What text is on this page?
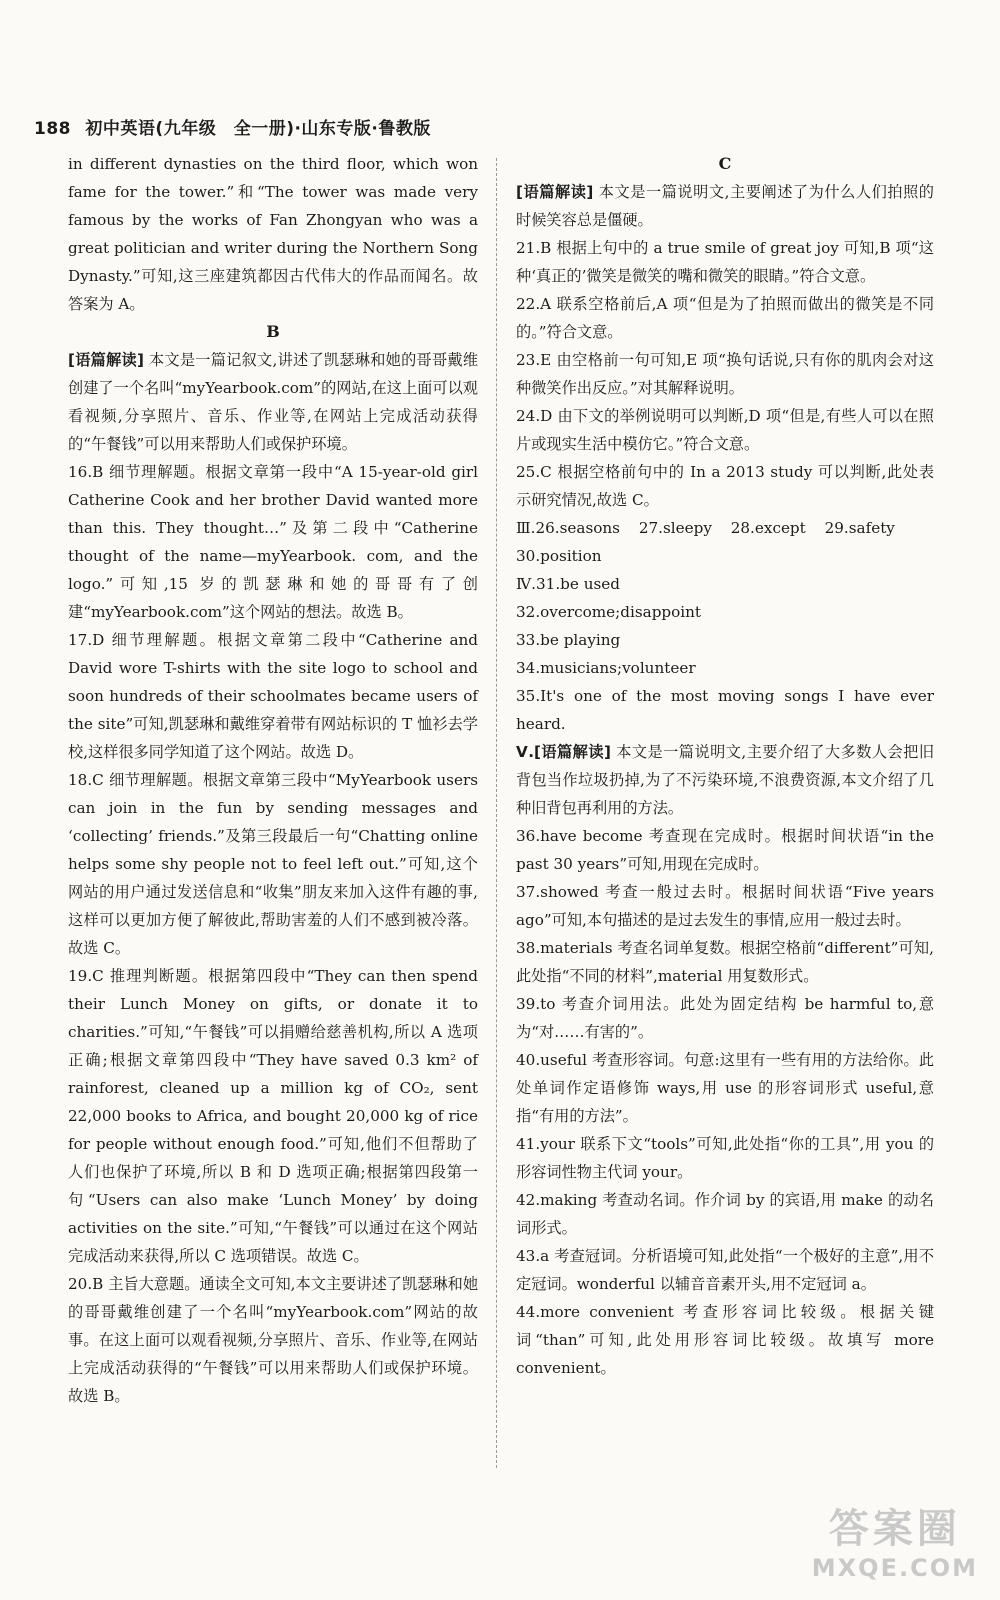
188 初中英语(九年级　全一册)·山东专版·鲁教版

in different dynasties on the third floor, which won fame for the tower.”和“The tower was made very famous by the works of Fan Zhongyan who was a great politician and writer during the Northern Song Dynasty.”可知,这三座建筑都因古代伟大的作品而闻名。故答案为 A。

B

[语篇解读] 本文是一篇记叙文,讲述了凯瑟琳和她的哥哥戴维创建了一个名叫“myYearbook.com”的网站,在这上面可以观看视频,分享照片、音乐、作业等,在网站上完成活动获得的“午餐钱”可以用来帮助人们或保护环境。

16.B 细节理解题。根据文章第一段中“A 15-year-old girl Catherine Cook and her brother David wanted more than this. They thought…”及第二段中“Catherine thought of the name—myYearbook. com, and the logo.”可知,15 岁的凯瑟琳和她的哥哥有了创建“myYearbook.com”这个网站的想法。故选 B。

17.D 细节理解题。根据文章第二段中“Catherine and David wore T-shirts with the site logo to school and soon hundreds of their schoolmates became users of the site”可知,凯瑟琳和戴维穿着带有网站标识的 T 恤衫去学校,这样很多同学知道了这个网站。故选 D。

18.C 细节理解题。根据文章第三段中“MyYearbook users can join in the fun by sending messages and ‘collecting’ friends.”及第三段最后一句“Chatting online helps some shy people not to feel left out.”可知,这个网站的用户通过发送信息和“收集”朋友来加入这件有趣的事,这样可以更加方便了解彼此,帮助害羞的人们不感到被冷落。故选 C。

19.C 推理判断题。根据第四段中“They can then spend their Lunch Money on gifts, or donate it to charities.”可知,“午餐钱”可以捐赠给慈善机构,所以 A 选项正确;根据文章第四段中“They have saved 0.3 km² of rainforest, cleaned up a million kg of CO₂, sent 22,000 books to Africa, and bought 20,000 kg of rice for people without enough food.”可知,他们不但帮助了人们也保护了环境,所以 B 和 D 选项正确;根据第四段第一句“Users can also make ‘Lunch Money’ by doing activities on the site.”可知,“午餐钱”可以通过在这个网站完成活动来获得,所以 C 选项错误。故选 C。

20.B 主旨大意题。通读全文可知,本文主要讲述了凯瑟琳和她的哥哥戴维创建了一个名叫“myYearbook.com”网站的故事。在这上面可以观看视频,分享照片、音乐、作业等,在网站上完成活动获得的“午餐钱”可以用来帮助人们或保护环境。故选 B。

C

[语篇解读] 本文是一篇说明文,主要阐述了为什么人们拍照的时候笑容总是僵硬。

21.B 根据上句中的 a true smile of great joy 可知,B 项“这种‘真正的’微笑是微笑的嘴和微笑的眼睛。”符合文意。

22.A 联系空格前后,A 项“但是为了拍照而做出的微笑是不同的。”符合文意。

23.E 由空格前一句可知,E 项“换句话说,只有你的肌肉会对这种微笑作出反应。”对其解释说明。

24.D 由下文的举例说明可以判断,D 项“但是,有些人可以在照片或现实生活中模仿它。”符合文意。

25.C 根据空格前句中的 In a 2013 study 可以判断,此处表示研究情况,故选 C。

Ⅲ.26.seasons 27.sleepy 28.except 29.safety

30.position

Ⅳ.31.be used

32.overcome;disappoint

33.be playing

34.musicians;volunteer

35.It's one of the most moving songs I have ever heard.

Ⅴ.[语篇解读] 本文是一篇说明文,主要介绍了大多数人会把旧背包当作垃圾扔掉,为了不污染环境,不浪费资源,本文介绍了几种旧背包再利用的方法。

36.have become 考查现在完成时。根据时间状语“in the past 30 years”可知,用现在完成时。

37.showed 考查一般过去时。根据时间状语“Five years ago”可知,本句描述的是过去发生的事情,应用一般过去时。

38.materials 考查名词单复数。根据空格前“different”可知,此处指“不同的材料”,material 用复数形式。

39.to 考查介词用法。此处为固定结构 be harmful to,意为“对……有害的”。

40.useful 考查形容词。句意:这里有一些有用的方法给你。此处单词作定语修饰 ways,用 use 的形容词形式 useful,意指“有用的方法”。

41.your 联系下文“tools”可知,此处指“你的工具”,用 you 的形容词性物主代词 your。

42.making 考查动名词。作介词 by 的宾语,用 make 的动名词形式。

43.a 考查冠词。分析语境可知,此处指“一个极好的主意”,用不定冠词。wonderful 以辅音音素开头,用不定冠词 a。

44.more convenient 考查形容词比较级。根据关键词“than”可知,此处用形容词比较级。故填写 more convenient。

答案圈
MXQE.COM
